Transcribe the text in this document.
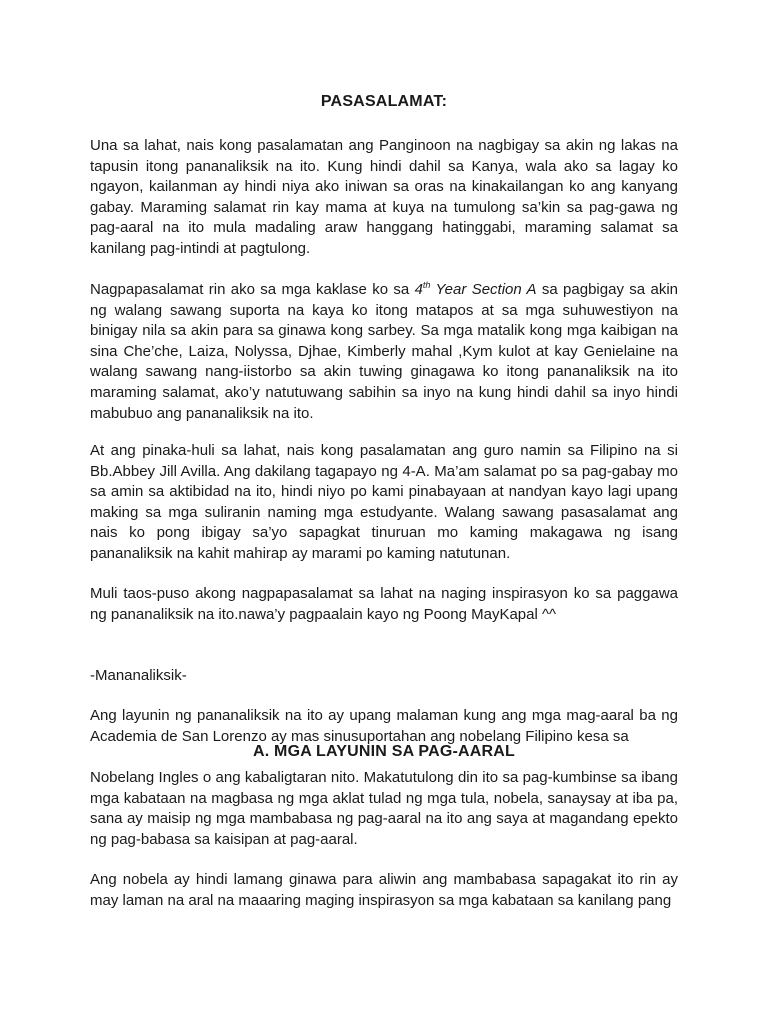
PASASALAMAT:

Una sa lahat, nais kong pasalamatan ang Panginoon na nagbigay sa akin ng lakas na tapusin itong pananaliksik na ito. Kung hindi dahil sa Kanya, wala ako sa lagay ko ngayon, kailanman ay hindi niya ako iniwan sa oras na kinakailangan ko ang kanyang gabay. Maraming salamat rin kay mama at kuya na tumulong sa’kin sa pag-gawa ng pag-aaral na ito mula madaling araw hanggang hatinggabi, maraming salamat sa kanilang pag-intindi at pagtulong.

Nagpapasalamat rin ako sa mga kaklase ko sa 4th Year Section A sa pagbigay sa akin ng walang sawang suporta na kaya ko itong matapos at sa mga suhuwestiyon na binigay nila sa akin para sa ginawa kong sarbey. Sa mga matalik kong mga kaibigan na sina Che’che, Laiza, Nolyssa, Djhae, Kimberly mahal ,Kym kulot at kay Genielaine na walang sawang nang-iistorbo sa akin tuwing ginagawa ko itong pananaliksik na ito maraming salamat, ako’y natutuwang sabihin sa inyo na kung hindi dahil sa inyo hindi mabubuo ang pananaliksik na ito.

At ang pinaka-huli sa lahat, nais kong pasalamatan ang guro namin sa Filipino na si Bb.Abbey Jill Avilla. Ang dakilang tagapayo ng 4-A. Ma’am salamat po sa pag-gabay mo sa amin sa aktibidad na ito, hindi niyo po kami pinabayaan at nandyan kayo lagi upang making sa mga suliranin naming mga estudyante. Walang sawang pasasalamat ang nais ko pong ibigay sa’yo sapagkat tinuruan mo kaming makagawa ng isang pananaliksik na kahit mahirap ay marami po kaming natutunan.

Muli taos-puso akong nagpapasalamat sa lahat na naging inspirasyon ko sa paggawa ng pananaliksik na ito.nawa’y pagpaalain kayo ng Poong MayKapal ^^

-Mananaliksik-

Ang layunin ng pananaliksik na ito ay upang malaman kung ang mga mag-aaral ba ng Academia de San Lorenzo ay mas sinusuportahan ang nobelang Filipino kesa sa

A. MGA LAYUNIN SA PAG-AARAL

Nobelang Ingles o ang kabaligtaran nito. Makatutulong din ito sa pag-kumbinse sa ibang mga kabataan na magbasa ng mga aklat tulad ng mga tula, nobela, sanaysay at iba pa, sana ay maisip ng mga mambabasa ng pag-aaral na ito ang saya at magandang epekto ng pag-babasa sa kaisipan at pag-aaral.

Ang nobela ay hindi lamang ginawa para aliwin ang mambabasa sapagakat ito rin ay may laman na aral na maaaring maging inspirasyon sa mga kabataan sa kanilang pang
